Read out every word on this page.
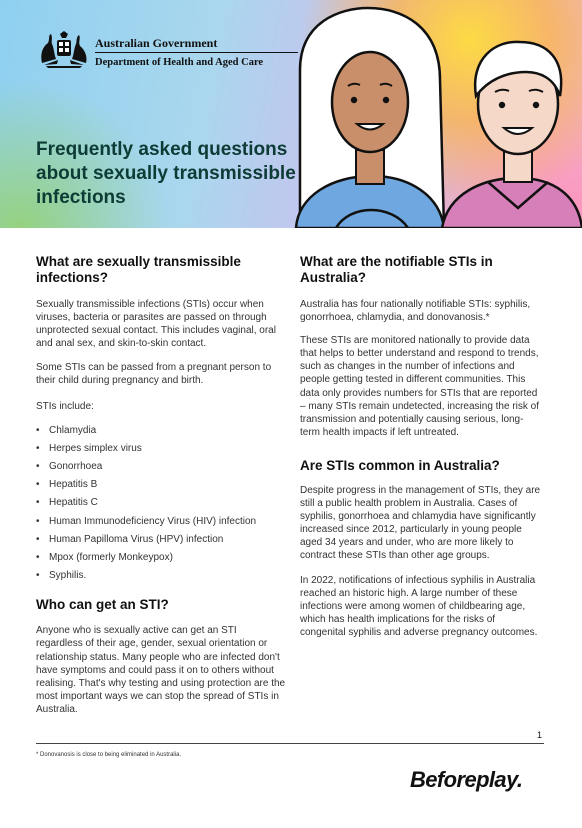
Australian Government
Department of Health and Aged Care
Frequently asked questions about sexually transmissible infections
What are sexually transmissible infections?

Sexually transmissible infections (STIs) occur when viruses, bacteria or parasites are passed on through unprotected sexual contact. This includes vaginal, oral and anal sex, and skin-to-skin contact.

Some STIs can be passed from a pregnant person to their child during pregnancy and birth.

STIs include:

• Chlamydia
• Herpes simplex virus
• Gonorrhoea
• Hepatitis B
• Hepatitis C
• Human Immunodeficiency Virus (HIV) infection
• Human Papilloma Virus (HPV) infection
• Mpox (formerly Monkeypox)
• Syphilis.
Who can get an STI?

Anyone who is sexually active can get an STI regardless of their age, gender, sexual orientation or relationship status. Many people who are infected don't have symptoms and could pass it on to others without realising. That's why testing and using protection are the most important ways we can stop the spread of STIs in Australia.

What are the notifiable STIs in Australia?

Australia has four nationally notifiable STIs: syphilis, gonorrhoea, chlamydia, and donovanosis.*

These STIs are monitored nationally to provide data that helps to better understand and respond to trends, such as changes in the number of infections and people getting tested in different communities. This data only provides numbers for STIs that are reported – many STIs remain undetected, increasing the risk of transmission and potentially causing serious, long-term health impacts if left untreated.

Are STIs common in Australia?

Despite progress in the management of STIs, they are still a public health problem in Australia. Cases of syphilis, gonorrhoea and chlamydia have significantly increased since 2012, particularly in young people aged 34 years and under, who are more likely to contract these STIs than other age groups.

In 2022, notifications of infectious syphilis in Australia reached an historic high. A large number of these infections were among women of childbearing age, which has health implications for the risks of congenital syphilis and adverse pregnancy outcomes.

1
* Donovanosis is close to being eliminated in Australia.
Beforeplay.
